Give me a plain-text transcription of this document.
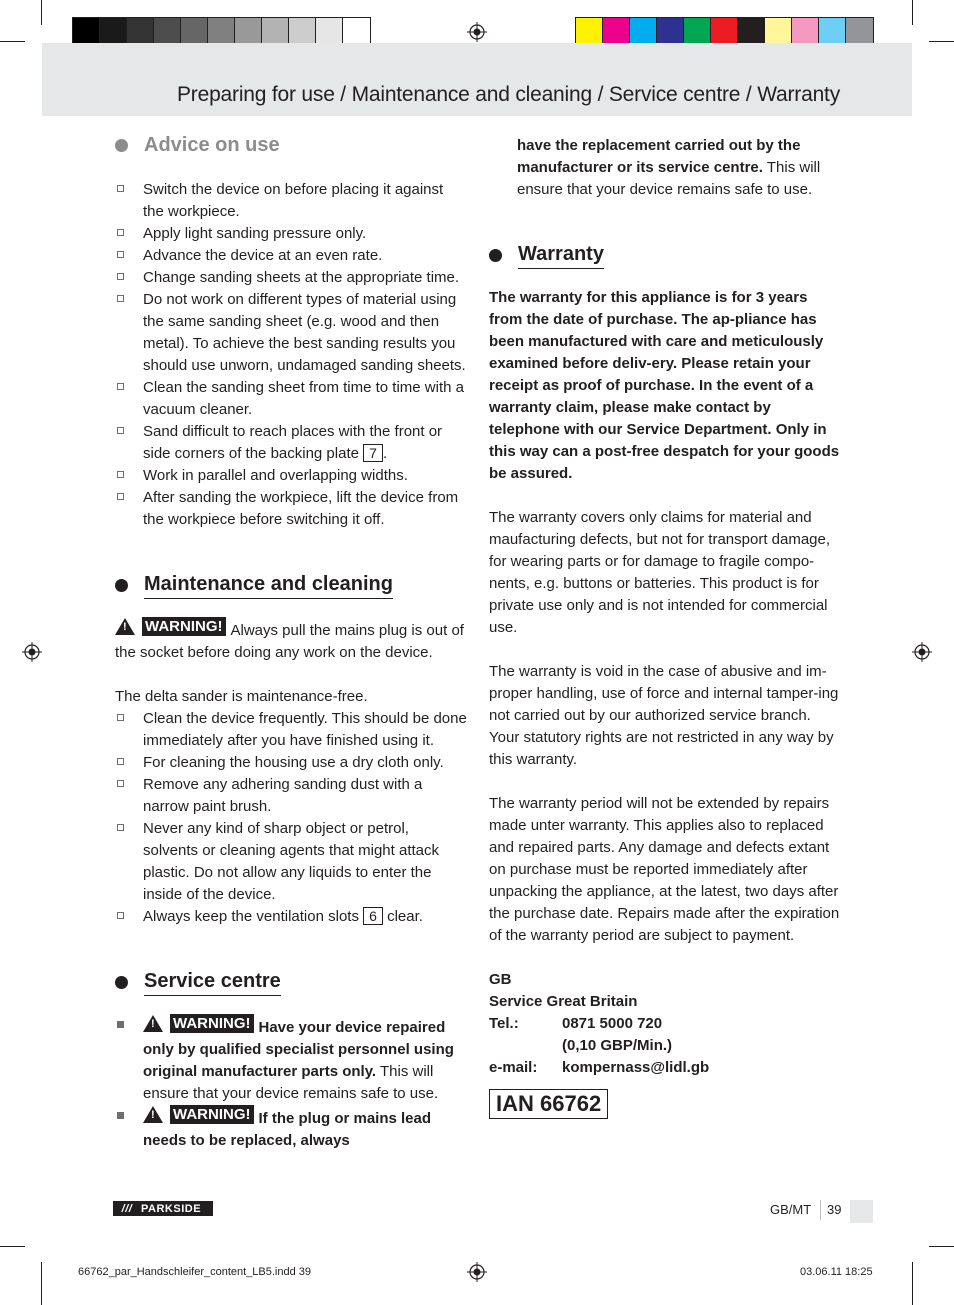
Preparing for use / Maintenance and cleaning / Service centre / Warranty
Advice on use
Switch the device on before placing it against the workpiece.
Apply light sanding pressure only.
Advance the device at an even rate.
Change sanding sheets at the appropriate time.
Do not work on different types of material using the same sanding sheet (e.g. wood and then metal). To achieve the best sanding results you should use unworn, undamaged sanding sheets.
Clean the sanding sheet from time to time with a vacuum cleaner.
Sand difficult to reach places with the front or side corners of the backing plate 7 .
Work in parallel and overlapping widths.
After sanding the workpiece, lift the device from the workpiece before switching it off.
Maintenance and cleaning
! WARNING! Always pull the mains plug is out of the socket before doing any work on the device.
The delta sander is maintenance-free.
Clean the device frequently. This should be done immediately after you have finished using it.
For cleaning the housing use a dry cloth only.
Remove any adhering sanding dust with a narrow paint brush.
Never any kind of sharp object or petrol, solvents or cleaning agents that might attack plastic. Do not allow any liquids to enter the inside of the device.
Always keep the ventilation slots 6 clear.
Service centre
! WARNING! Have your device repaired only by qualified specialist personnel using original manufacturer parts only. This will ensure that your device remains safe to use.
! WARNING! If the plug or mains lead needs to be replaced, always
have the replacement carried out by the manufacturer or its service centre. This will ensure that your device remains safe to use.
Warranty
The warranty for this appliance is for 3 years from the date of purchase. The ap-pliance has been manufactured with care and meticulously examined before deliv-ery. Please retain your receipt as proof of purchase. In the event of a warranty claim, please make contact by telephone with our Service Department. Only in this way can a post-free despatch for your goods be assured.
The warranty covers only claims for material and maufacturing defects, but not for transport damage, for wearing parts or for damage to fragile compo-nents, e.g. buttons or batteries. This product is for private use only and is not intended for commercial use.
The warranty is void in the case of abusive and im-proper handling, use of force and internal tamper-ing not carried out by our authorized service branch. Your statutory rights are not restricted in any way by this warranty.
The warranty period will not be extended by repairs made unter warranty. This applies also to replaced and repaired parts. Any damage and defects extant on purchase must be reported immediately after unpacking the appliance, at the latest, two days after the purchase date. Repairs made after the expiration of the warranty period are subject to payment.
GB
Service Great Britain
Tel.:	0871 5000 720
(0,10 GBP/Min.)
e-mail:	kompernass@lidl.gb
IAN 66762
/// PARKSIDE	GB/MT 39
66762_par_Handschleifer_content_LB5.indd 39	03.06.11 18:25
